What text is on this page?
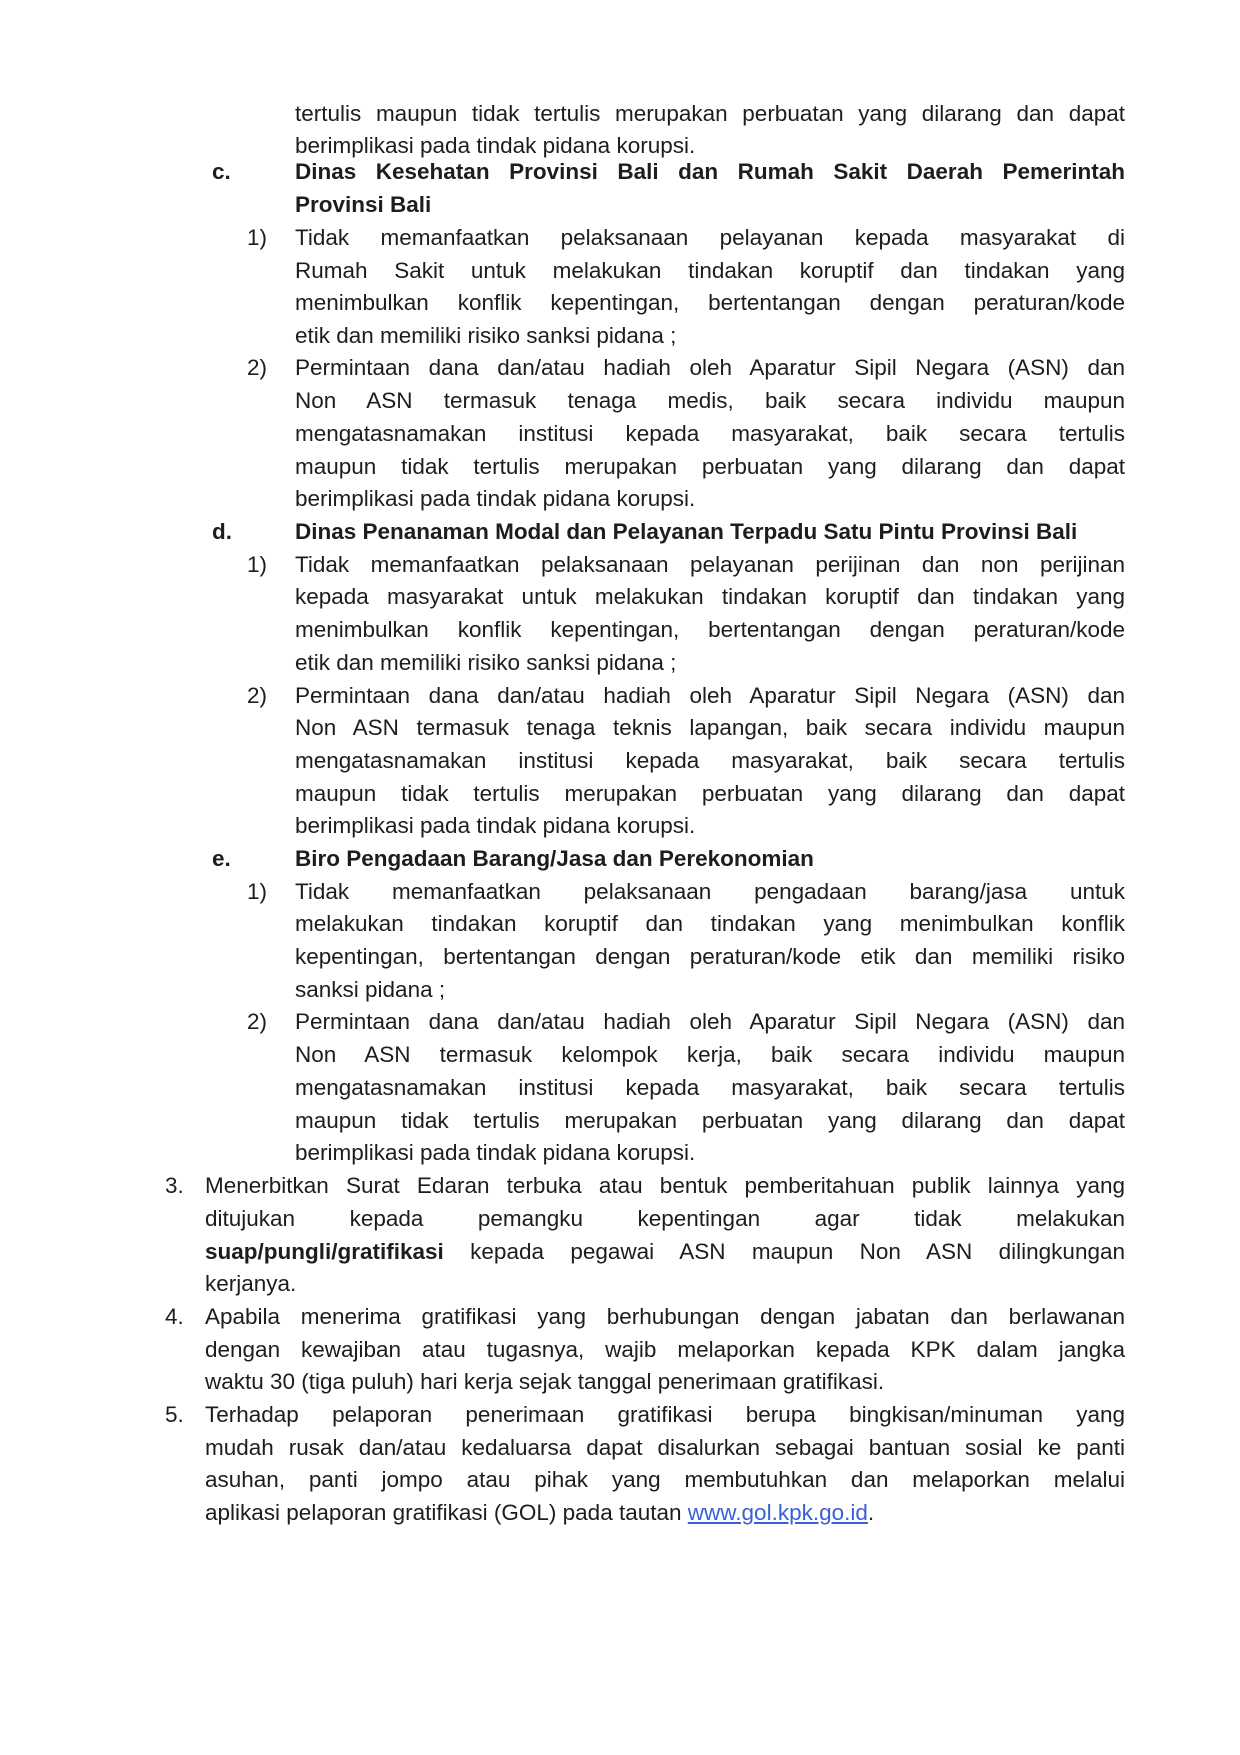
tertulis maupun tidak tertulis merupakan perbuatan yang dilarang dan dapat
berimplikasi pada tindak pidana korupsi.
c.	Dinas Kesehatan Provinsi Bali dan Rumah Sakit Daerah Pemerintah
Provinsi Bali
1) Tidak memanfaatkan pelaksanaan pelayanan kepada masyarakat di
Rumah Sakit untuk melakukan tindakan koruptif dan tindakan yang
menimbulkan konflik kepentingan, bertentangan dengan peraturan/kode
etik dan memiliki risiko sanksi pidana ;
2) Permintaan dana dan/atau hadiah oleh Aparatur Sipil Negara (ASN) dan
Non ASN termasuk tenaga medis, baik secara individu maupun
mengatasnamakan institusi kepada masyarakat, baik secara tertulis
maupun tidak tertulis merupakan perbuatan yang dilarang dan dapat
berimplikasi pada tindak pidana korupsi.
d.	Dinas Penanaman Modal dan Pelayanan Terpadu Satu Pintu Provinsi Bali
1) Tidak memanfaatkan pelaksanaan pelayanan perijinan dan non perijinan
kepada masyarakat untuk melakukan tindakan koruptif dan tindakan yang
menimbulkan konflik kepentingan, bertentangan dengan peraturan/kode
etik dan memiliki risiko sanksi pidana ;
2) Permintaan dana dan/atau hadiah oleh Aparatur Sipil Negara (ASN) dan
Non ASN termasuk tenaga teknis lapangan, baik secara individu maupun
mengatasnamakan institusi kepada masyarakat, baik secara tertulis
maupun tidak tertulis merupakan perbuatan yang dilarang dan dapat
berimplikasi pada tindak pidana korupsi.
e.	Biro Pengadaan Barang/Jasa dan Perekonomian
1) Tidak memanfaatkan pelaksanaan pengadaan barang/jasa untuk
melakukan tindakan koruptif dan tindakan yang menimbulkan konflik
kepentingan, bertentangan dengan peraturan/kode etik dan memiliki risiko
sanksi pidana ;
2) Permintaan dana dan/atau hadiah oleh Aparatur Sipil Negara (ASN) dan
Non ASN termasuk kelompok kerja, baik secara individu maupun
mengatasnamakan institusi kepada masyarakat, baik secara tertulis
maupun tidak tertulis merupakan perbuatan yang dilarang dan dapat
berimplikasi pada tindak pidana korupsi.
3. Menerbitkan Surat Edaran terbuka atau bentuk pemberitahuan publik lainnya yang
ditujukan kepada pemangku kepentingan agar tidak melakukan
suap/pungli/gratifikasi kepada pegawai ASN maupun Non ASN dilingkungan
kerjanya.
4. Apabila menerima gratifikasi yang berhubungan dengan jabatan dan berlawanan
dengan kewajiban atau tugasnya, wajib melaporkan kepada KPK dalam jangka
waktu 30 (tiga puluh) hari kerja sejak tanggal penerimaan gratifikasi.
5. Terhadap pelaporan penerimaan gratifikasi berupa bingkisan/minuman yang
mudah rusak dan/atau kedaluarsa dapat disalurkan sebagai bantuan sosial ke panti
asuhan, panti jompo atau pihak yang membutuhkan dan melaporkan melalui
aplikasi pelaporan gratifikasi (GOL) pada tautan www.gol.kpk.go.id.
